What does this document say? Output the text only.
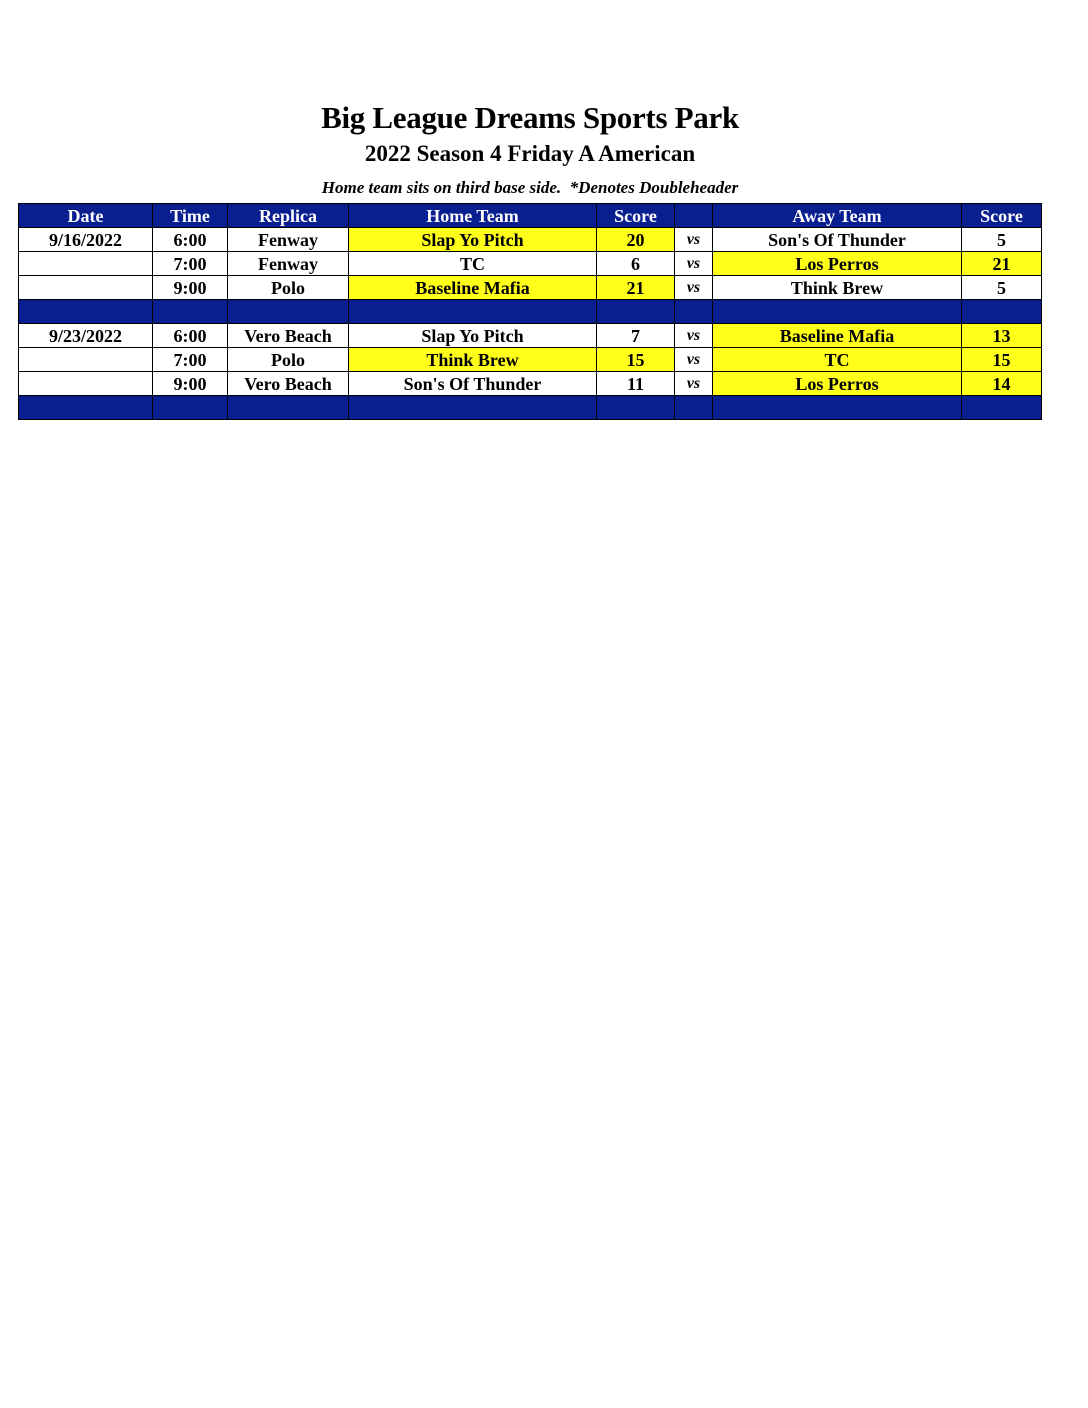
Big League Dreams Sports Park
2022 Season 4 Friday A American
Home team sits on third base side.  *Denotes Doubleheader
Date	Time	Replica	Home Team	Score		Away Team	Score
9/16/2022	6:00	Fenway	Slap Yo Pitch	20	vs	Son's Of Thunder	5
	7:00	Fenway	TC	6	vs	Los Perros	21
	9:00	Polo	Baseline Mafia	21	vs	Think Brew	5

9/23/2022	6:00	Vero Beach	Slap Yo Pitch	7	vs	Baseline Mafia	13
	7:00	Polo	Think Brew	15	vs	TC	15
	9:00	Vero Beach	Son's Of Thunder	11	vs	Los Perros	14
